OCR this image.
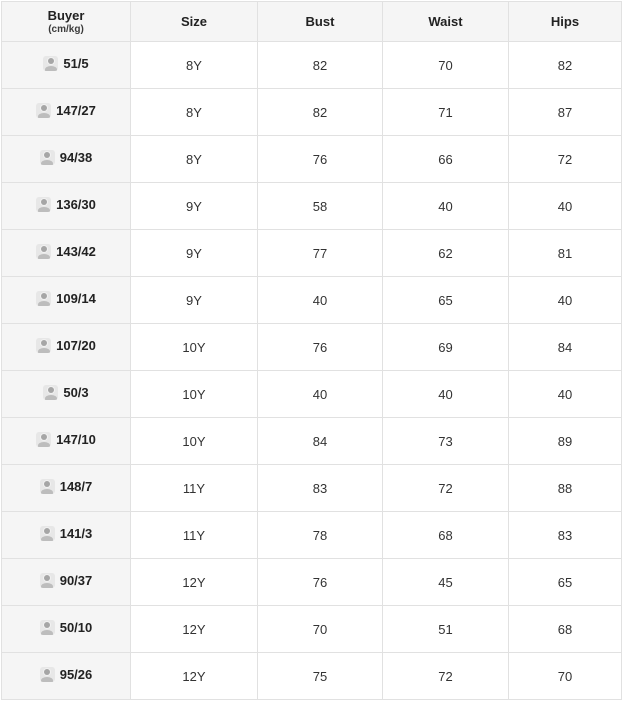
Buyer
(cm/kg)	Size	Bust	Waist	Hips

51/5	8Y	82	70	82

147/27	8Y	82	71	87

94/38	8Y	76	66	72

136/30	9Y	58	40	40

143/42	9Y	77	62	81

109/14	9Y	40	65	40

107/20	10Y	76	69	84

50/3	10Y	40	40	40

147/10	10Y	84	73	89

148/7	11Y	83	72	88

141/3	11Y	78	68	83

90/37	12Y	76	45	65

50/10	12Y	70	51	68

95/26	12Y	75	72	70
